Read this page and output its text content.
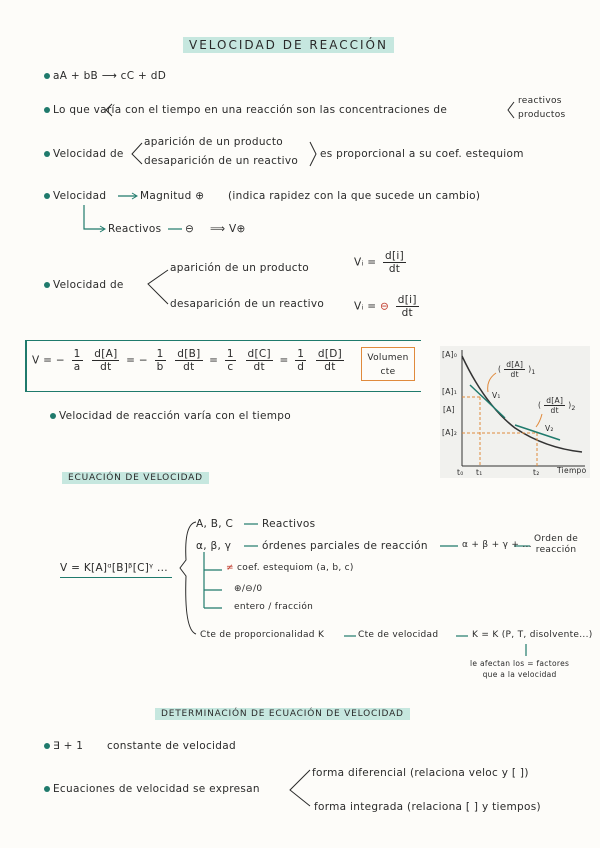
VELOCIDAD DE REACCIÓN
aA + bB ⟶ cC + dD
Lo que varía con el tiempo en una reacción son las concentraciones de
reactivos
productos
Velocidad de
aparición de un producto
desaparición de un reactivo
es proporcional a su coef. estequiom
Velocidad	Magnitud ⊕ (indica rapidez con la que sucede un cambio)
Reactivos ⊖ ⟹ V⊕
Velocidad de
aparición de un producto
desaparición de un reactivo
Vᵢ = $\frac{d[i]}{dt}$
Vᵢ = ⊖ $\frac{d[i]}{dt}$
V = − $\frac{1}{a}$
$\frac{d[A]}{dt}$ = − $\frac{1}{b}$
$\frac{d[B]}{dt} = \frac{1}{c}$
$\frac{d[C]}{dt} = \frac{1}{d}$
$\frac{d[D]}{dt}$	Volumen
cte
Velocidad de reacción varía con el tiempo
[A]₀
[A]₁
[A]
[A]₂
t₀ t₁	t₂ Tiempo
V₁
V₂
( $\frac{d[A]}{dt} )_1$
( $\frac{d[A]}{dt} )_2$
ECUACIÓN DE VELOCIDAD
V = K[A]ᵅ[B]ᵝ[C]ᵞ ...
A, B, C	Reactivos
α, β, γ	órdenes parciales de reacción	α + β + γ + ...
Orden de
reacción
≠ coef. estequiom (a, b, c)
⊕/⊖/0
entero / fracción
Cte de proporcionalidad K	Cte de velocidad	K = K (P, T, disolvente...)
le afectan los = factores
que a la velocidad
DETERMINACIÓN DE ECUACIÓN DE VELOCIDAD
∃ + 1 constante de velocidad
Ecuaciones de velocidad se expresan
forma diferencial (relaciona veloc y [ ])
forma integrada (relaciona [ ] y tiempos)
